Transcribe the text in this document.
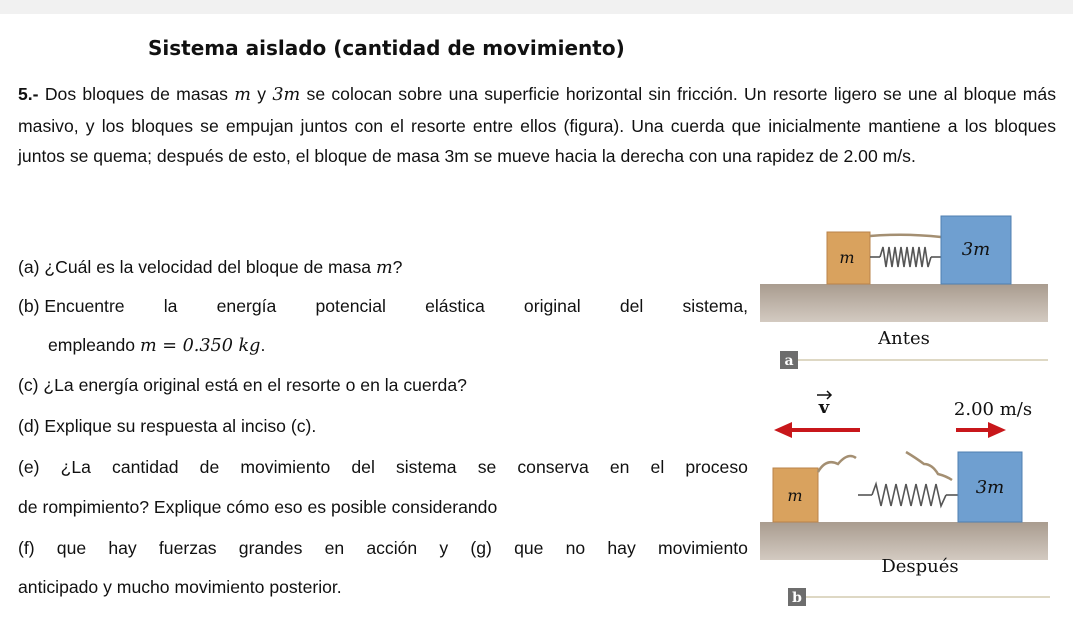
Sistema aislado (cantidad de movimiento)
5.- Dos bloques de masas m y 3m se colocan sobre una superficie horizontal sin fricción. Un resorte ligero se une al bloque más masivo, y los bloques se empujan juntos con el resorte entre ellos (figura). Una cuerda que inicialmente mantiene a los bloques juntos se quema; después de esto, el bloque de masa 3m se mueve hacia la derecha con una rapidez de 2.00 m/s.
(a) ¿Cuál es la velocidad del bloque de masa m?
(b) Encuentre la energía potencial elástica original del sistema,
empleando m = 0.350 kg.
(c) ¿La energía original está en el resorte o en la cuerda?
(d) Explique su respuesta al inciso (c).
(e) ¿La cantidad de movimiento del sistema se conserva en el proceso
de rompimiento? Explique cómo eso es posible considerando
(f) que hay fuerzas grandes en acción y (g) que no hay movimiento
anticipado y mucho movimiento posterior.
m	3m
Antes
a
v	2.00 m/s
m	3m
Después
b
